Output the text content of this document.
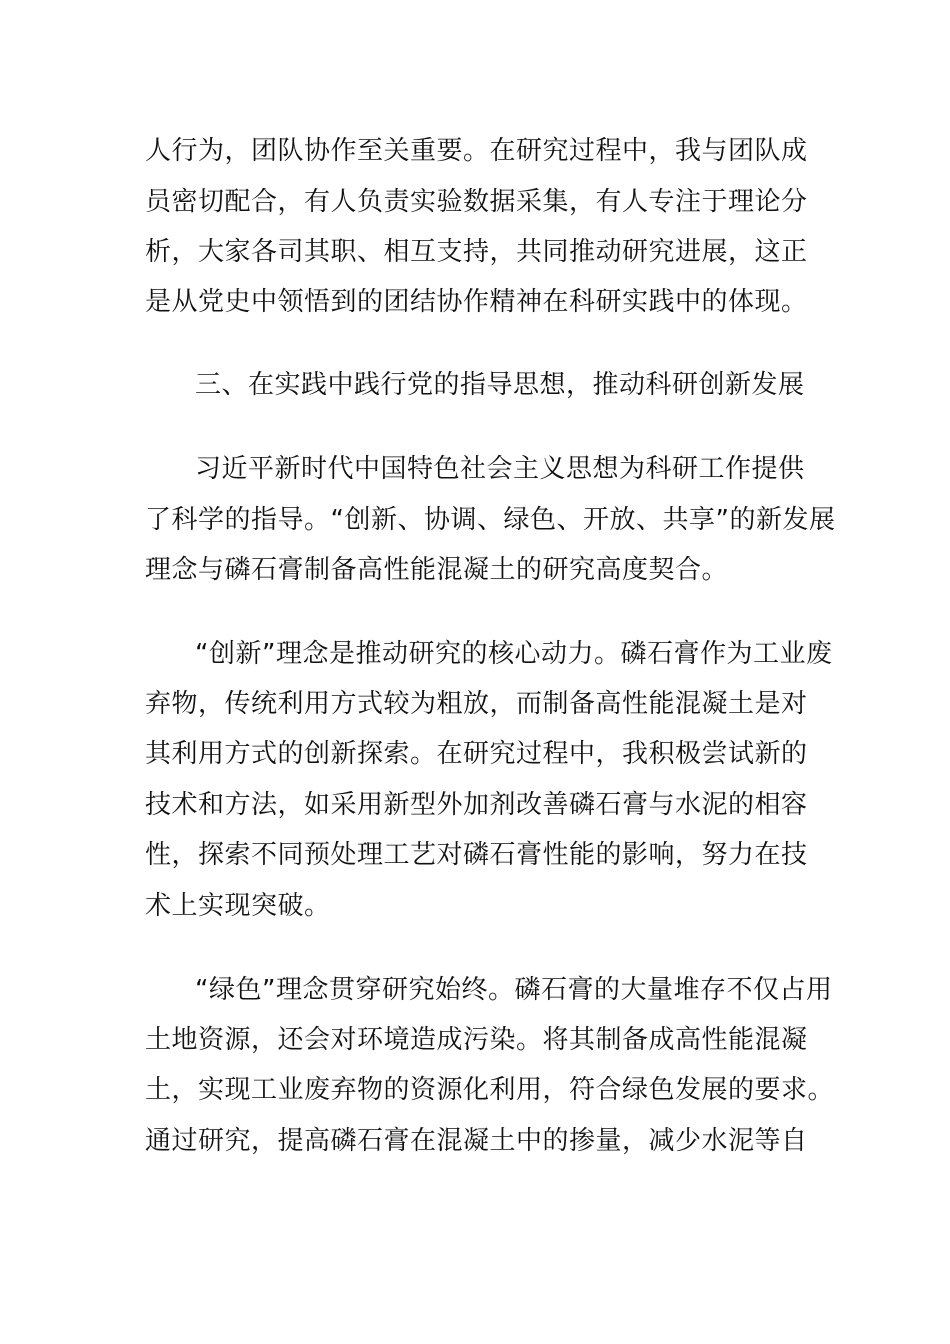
人行为，团队协作至关重要。在研究过程中，我与团队成
员密切配合，有人负责实验数据采集，有人专注于理论分
析，大家各司其职、相互支持，共同推动研究进展，这正
是从党史中领悟到的团结协作精神在科研实践中的体现。
三、在实践中践行党的指导思想，推动科研创新发展
习近平新时代中国特色社会主义思想为科研工作提供
了科学的指导。“创新、协调、绿色、开放、共享”的新发展
理念与磷石膏制备高性能混凝土的研究高度契合。
“创新”理念是推动研究的核心动力。磷石膏作为工业废
弃物，传统利用方式较为粗放，而制备高性能混凝土是对
其利用方式的创新探索。在研究过程中，我积极尝试新的
技术和方法，如采用新型外加剂改善磷石膏与水泥的相容
性，探索不同预处理工艺对磷石膏性能的影响，努力在技
术上实现突破。
“绿色”理念贯穿研究始终。磷石膏的大量堆存不仅占用
土地资源，还会对环境造成污染。将其制备成高性能混凝
土，实现工业废弃物的资源化利用，符合绿色发展的要求。
通过研究，提高磷石膏在混凝土中的掺量，减少水泥等自
